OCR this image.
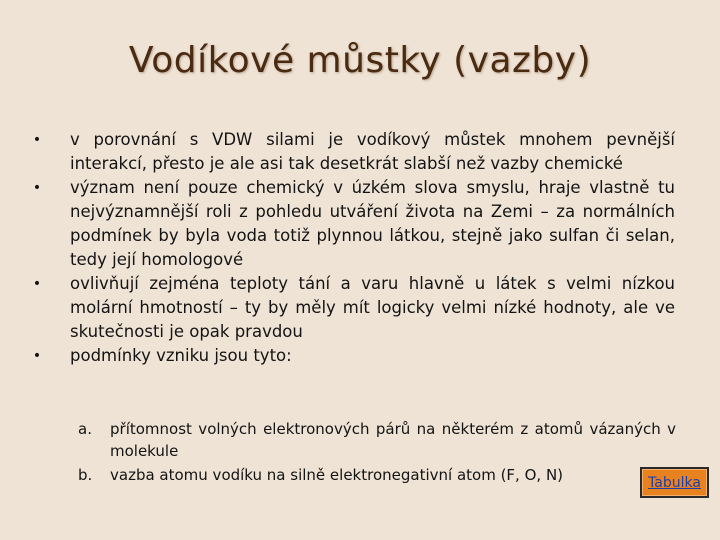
Vodíkové můstky (vazby)
• v porovnání s VDW silami je vodíkový můstek mnohem pevnější interakcí, přesto je ale asi tak desetkrát slabší než vazby chemické
• význam není pouze chemický v úzkém slova smyslu, hraje vlastně tu nejvýznamnější roli z pohledu utváření života na Zemi – za normálních podmínek by byla voda totiž plynnou látkou, stejně jako sulfan či selan, tedy její homologové
• ovlivňují zejména teploty tání a varu hlavně u látek s velmi nízkou molární hmotností – ty by měly mít logicky velmi nízké hodnoty, ale ve skutečnosti je opak pravdou
• podmínky vzniku jsou tyto:
a. přítomnost volných elektronových párů na některém z atomů vázaných v molekule
b. vazba atomu vodíku na silně elektronegativní atom (F, O, N)	Tabulka
